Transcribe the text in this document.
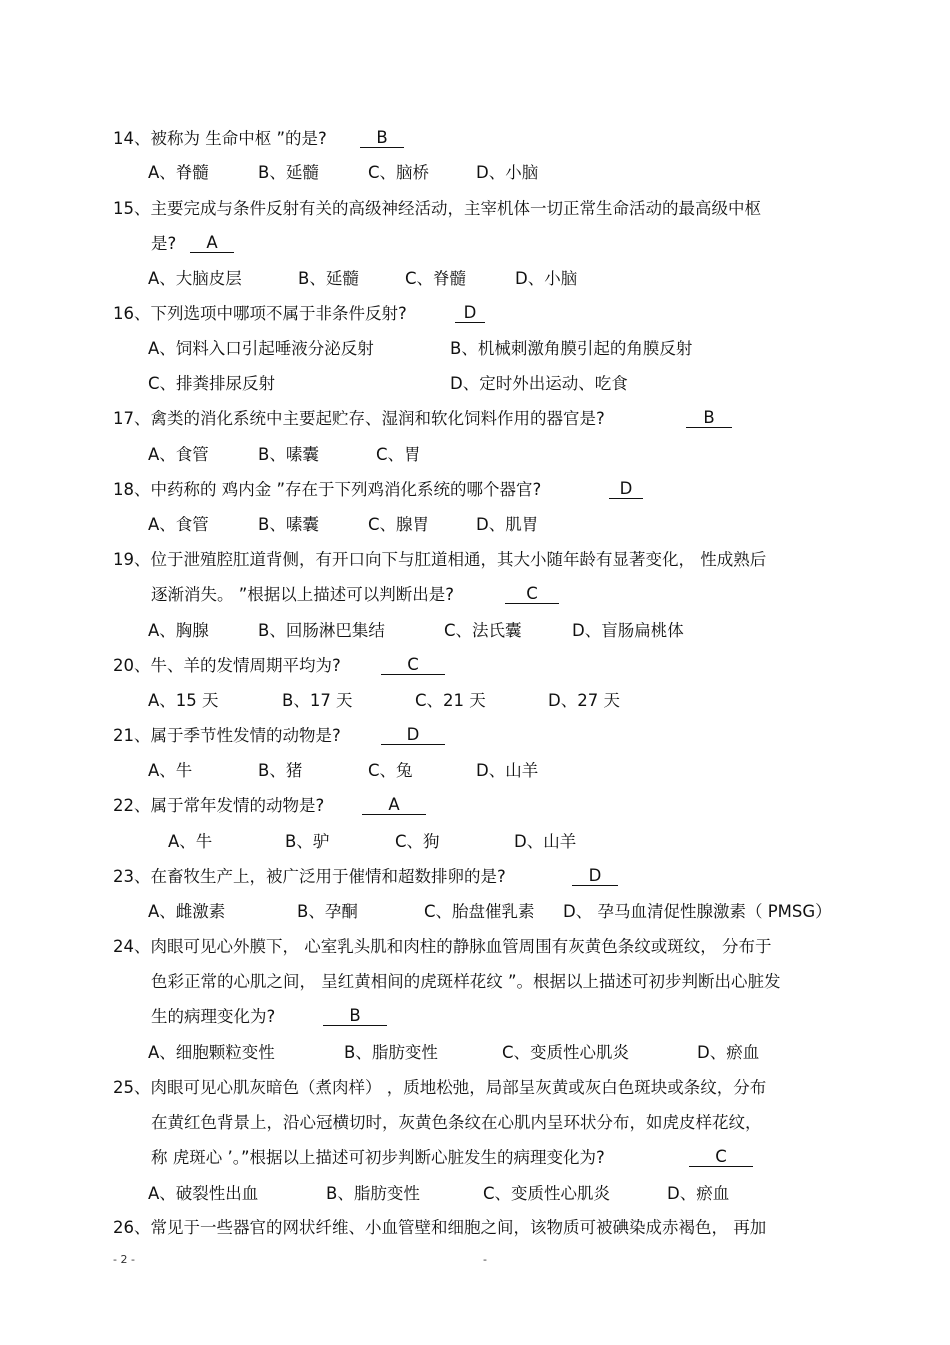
14、被称为 生命中枢 ”的是?	B
A、脊髓	B、延髓	C、脑桥	D、小脑
15、主要完成与条件反射有关的高级神经活动，主宰机体一切正常生命活动的最高级中枢
是?	A
A、大脑皮层	B、延髓	C、脊髓	D、小脑
16、下列选项中哪项不属于非条件反射?	D
A、饲料入口引起唾液分泌反射	B、机械刺激角膜引起的角膜反射
C、排粪排尿反射	D、定时外出运动、吃食
17、禽类的消化系统中主要起贮存、湿润和软化饲料作用的器官是?	B
A、食管	B、嗉囊	C、胃
18、中药称的 鸡内金 ”存在于下列鸡消化系统的哪个器官?	D
A、食管	B、嗉囊	C、腺胃	D、肌胃
19、位于泄殖腔肛道背侧，有开口向下与肛道相通，其大小随年龄有显著变化， 性成熟后
逐渐消失。 ”根据以上描述可以判断出是?	C
A、胸腺	B、回肠淋巴集结	C、法氏囊	D、盲肠扁桃体
20、牛、羊的发情周期平均为?	C
A、15 天	B、17 天	C、21 天	D、27 天
21、属于季节性发情的动物是?	D
A、牛	B、猪	C、兔	D、山羊
22、属于常年发情的动物是?	A
A、牛	B、驴	C、狗	D、山羊
23、在畜牧生产上，被广泛用于催情和超数排卵的是?	D
A、雌激素	B、孕酮	C、胎盘催乳素 D、 孕马血清促性腺激素（ PMSG）
24、肉眼可见心外膜下， 心室乳头肌和肉柱的静脉血管周围有灰黄色条纹或斑纹， 分布于
色彩正常的心肌之间， 呈红黄相间的虎斑样花纹 ”。根据以上描述可初步判断出心脏发
生的病理变化为?	B
A、细胞颗粒变性	B、脂肪变性	C、变质性心肌炎	D、瘀血
25、肉眼可见心肌灰暗色（煮肉样） ，质地松弛，局部呈灰黄或灰白色斑块或条纹，分布
在黄红色背景上，沿心冠横切时，灰黄色条纹在心肌内呈环状分布，如虎皮样花纹，
称 虎斑心 ’。”根据以上描述可初步判断心脏发生的病理变化为?	C
A、破裂性出血	B、脂肪变性	C、变质性心肌炎	D、瘀血
26、常见于一些器官的网状纤维、小血管壁和细胞之间，该物质可被碘染成赤褐色， 再加
- 2 -	-
